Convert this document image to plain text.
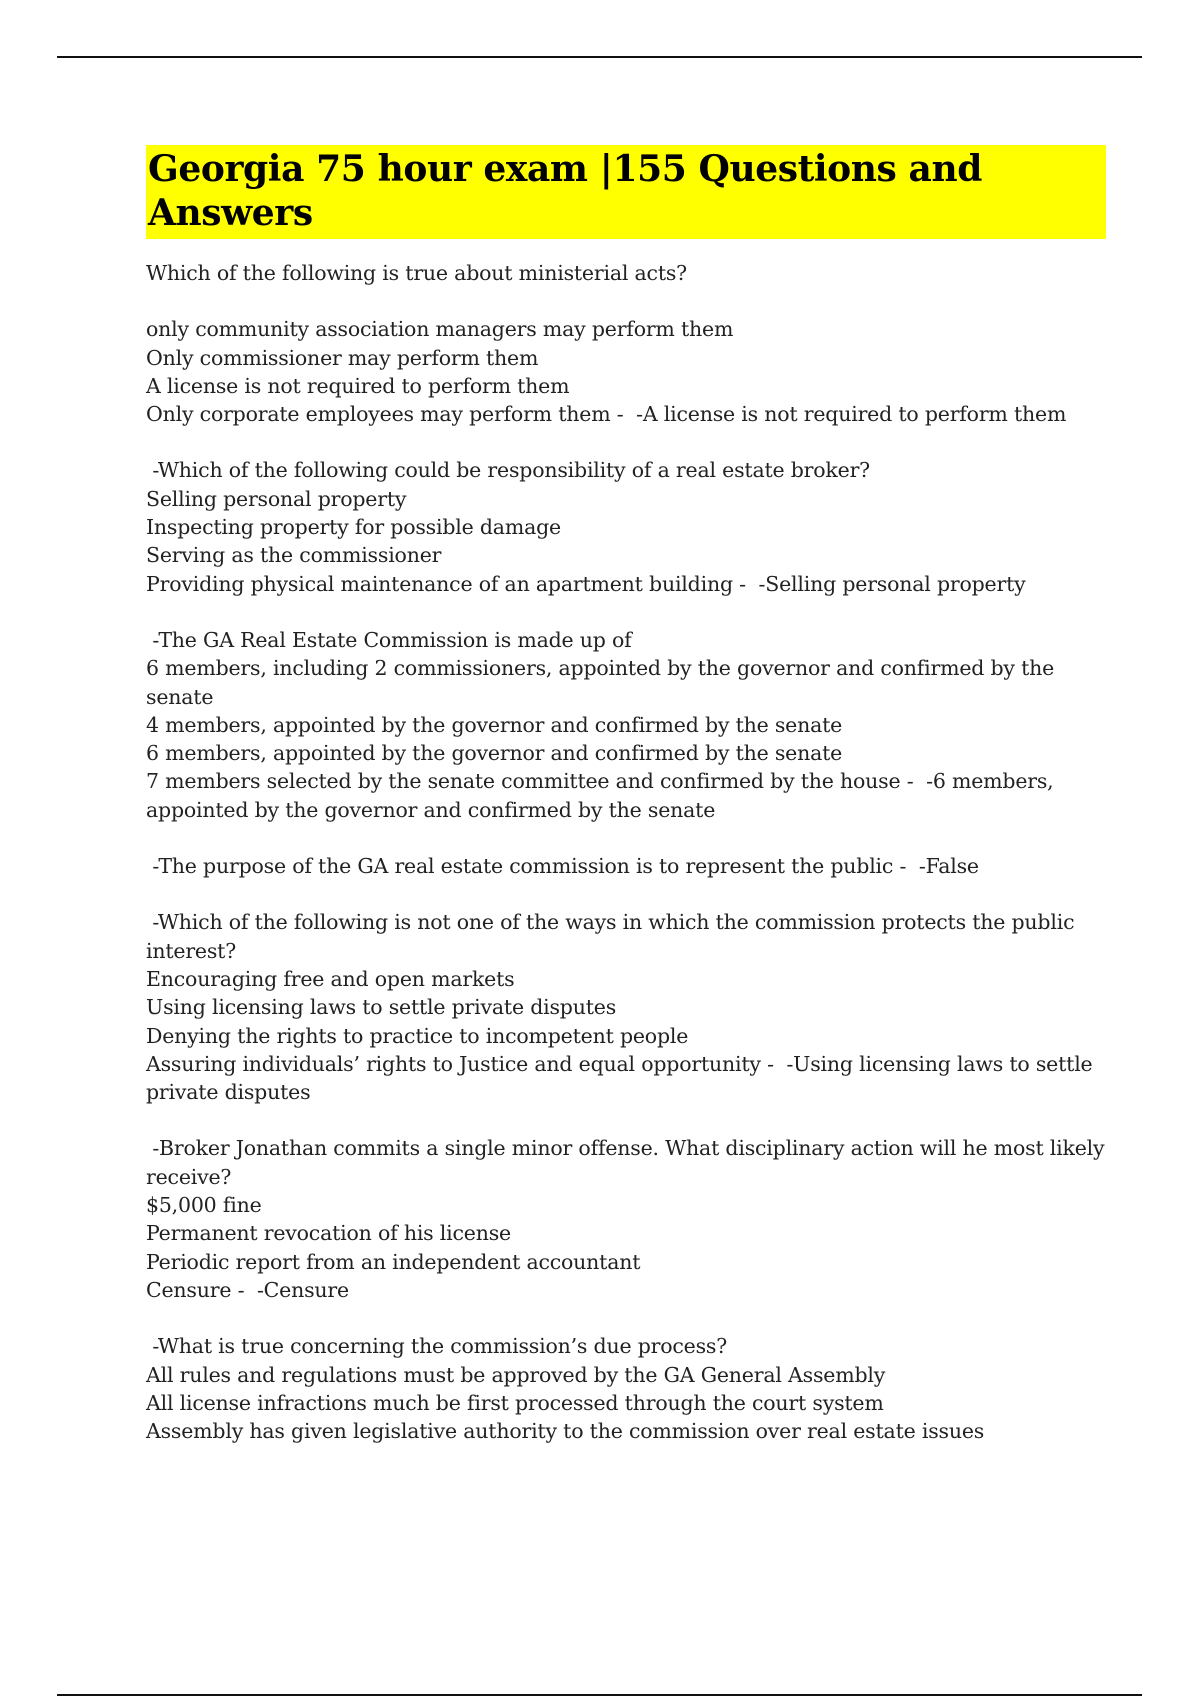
Georgia 75 hour exam |155 Questions and Answers
Which of the following is true about ministerial acts?
only community association managers may perform them
Only commissioner may perform them
A license is not required to perform them
Only corporate employees may perform them -  -A license is not required to perform them
-Which of the following could be responsibility of a real estate broker?
Selling personal property
Inspecting property for possible damage
Serving as the commissioner
Providing physical maintenance of an apartment building -  -Selling personal property
-The GA Real Estate Commission is made up of
6 members, including 2 commissioners, appointed by the governor and confirmed by the senate
4 members, appointed by the governor and confirmed by the senate
6 members, appointed by the governor and confirmed by the senate
7 members selected by the senate committee and confirmed by the house -  -6 members, appointed by the governor and confirmed by the senate
-The purpose of the GA real estate commission is to represent the public -  -False
-Which of the following is not one of the ways in which the commission protects the public interest?
Encouraging free and open markets
Using licensing laws to settle private disputes
Denying the rights to practice to incompetent people
Assuring individuals’ rights to Justice and equal opportunity -  -Using licensing laws to settle private disputes
-Broker Jonathan commits a single minor offense. What disciplinary action will he most likely receive?
$5,000 fine
Permanent revocation of his license
Periodic report from an independent accountant
Censure -  -Censure
-What is true concerning the commission’s due process?
All rules and regulations must be approved by the GA General Assembly
All license infractions much be first processed through the court system
Assembly has given legislative authority to the commission over real estate issues
